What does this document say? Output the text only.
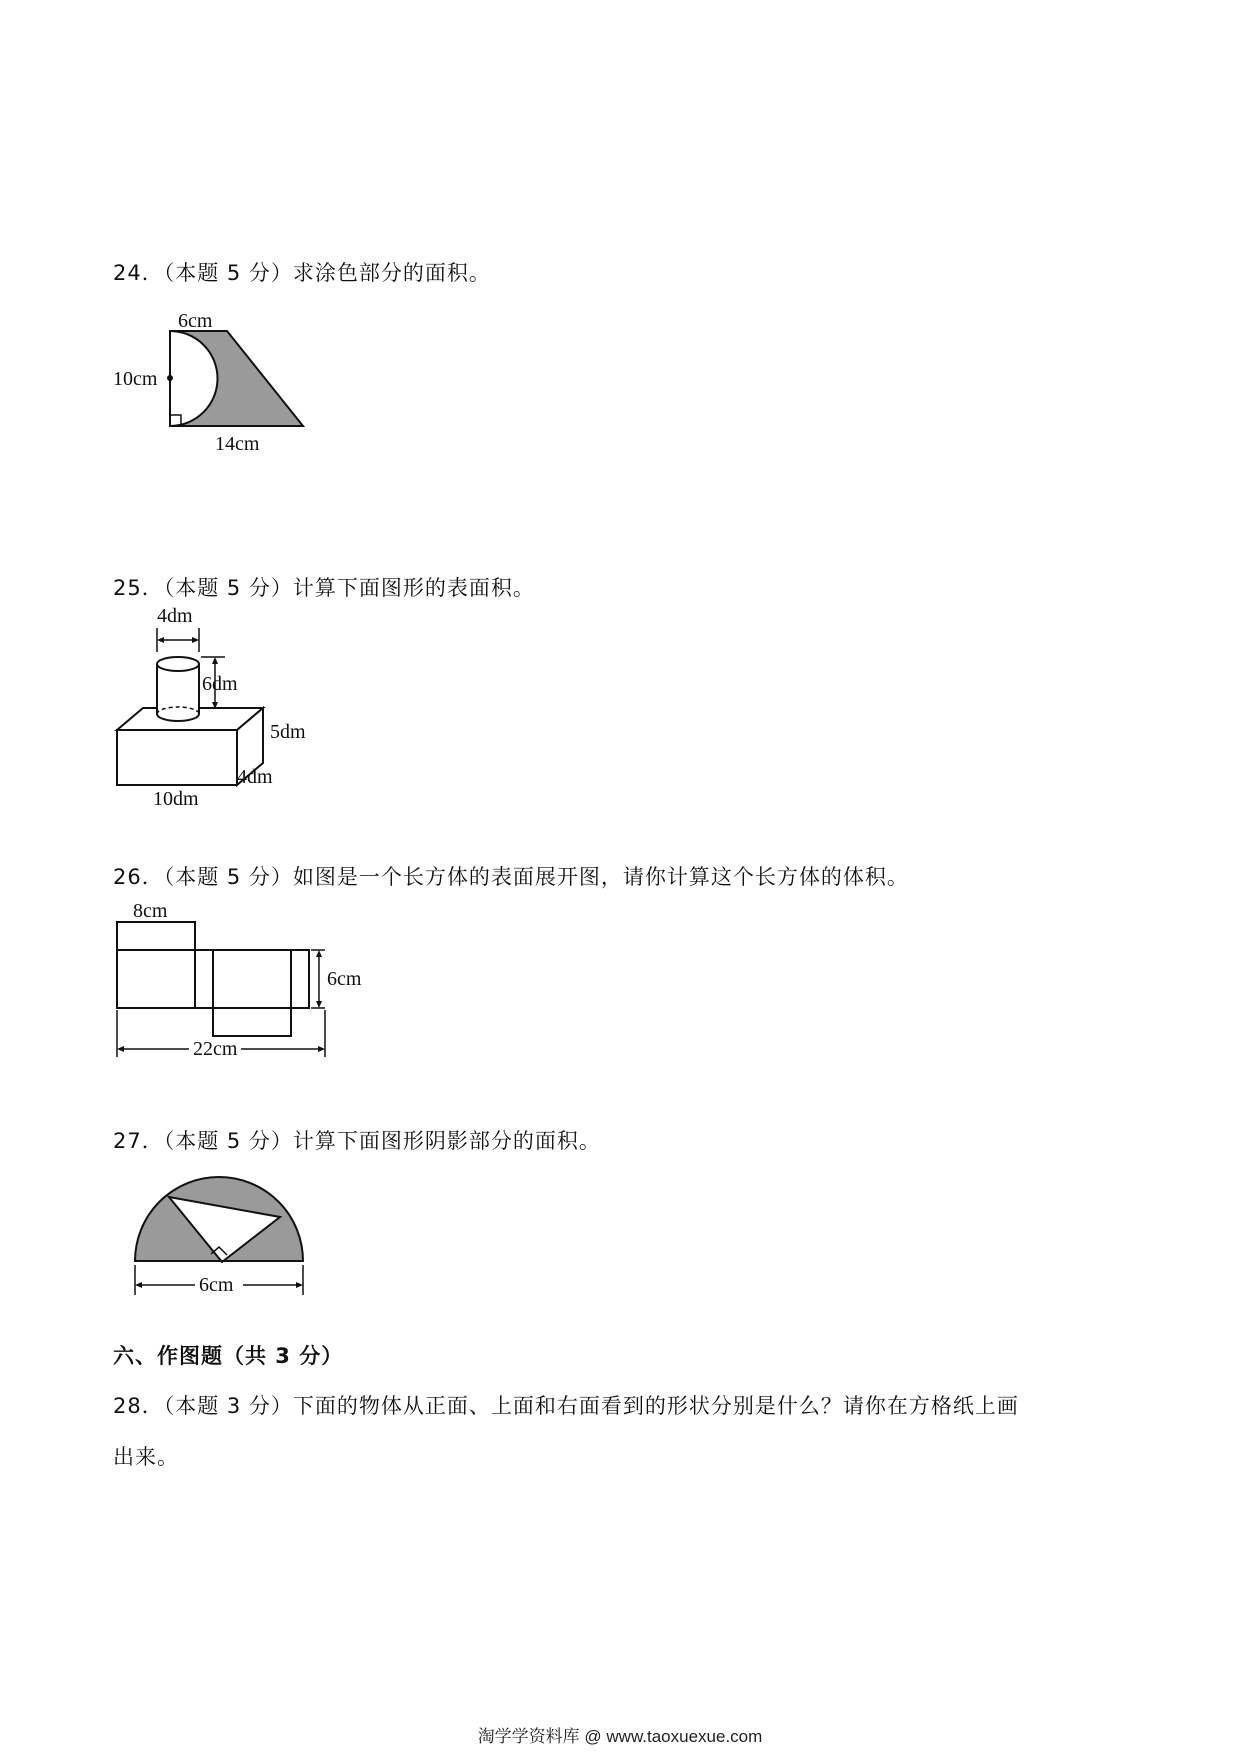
24．（本题 5 分）求涂色部分的面积。
6cm
10cm
14cm
25．（本题 5 分）计算下面图形的表面积。
4dm
6dm
5dm
4dm
10dm
26．（本题 5 分）如图是一个长方体的表面展开图，请你计算这个长方体的体积。
6cm
22cm
8cm
27．（本题 5 分）计算下面图形阴影部分的面积。
6cm
六、作图题（共 3 分）
28．（本题 3 分）下面的物体从正面、上面和右面看到的形状分别是什么？请你在方格纸上画
出来。
淘学学资料库 @ www.taoxuexue.com
